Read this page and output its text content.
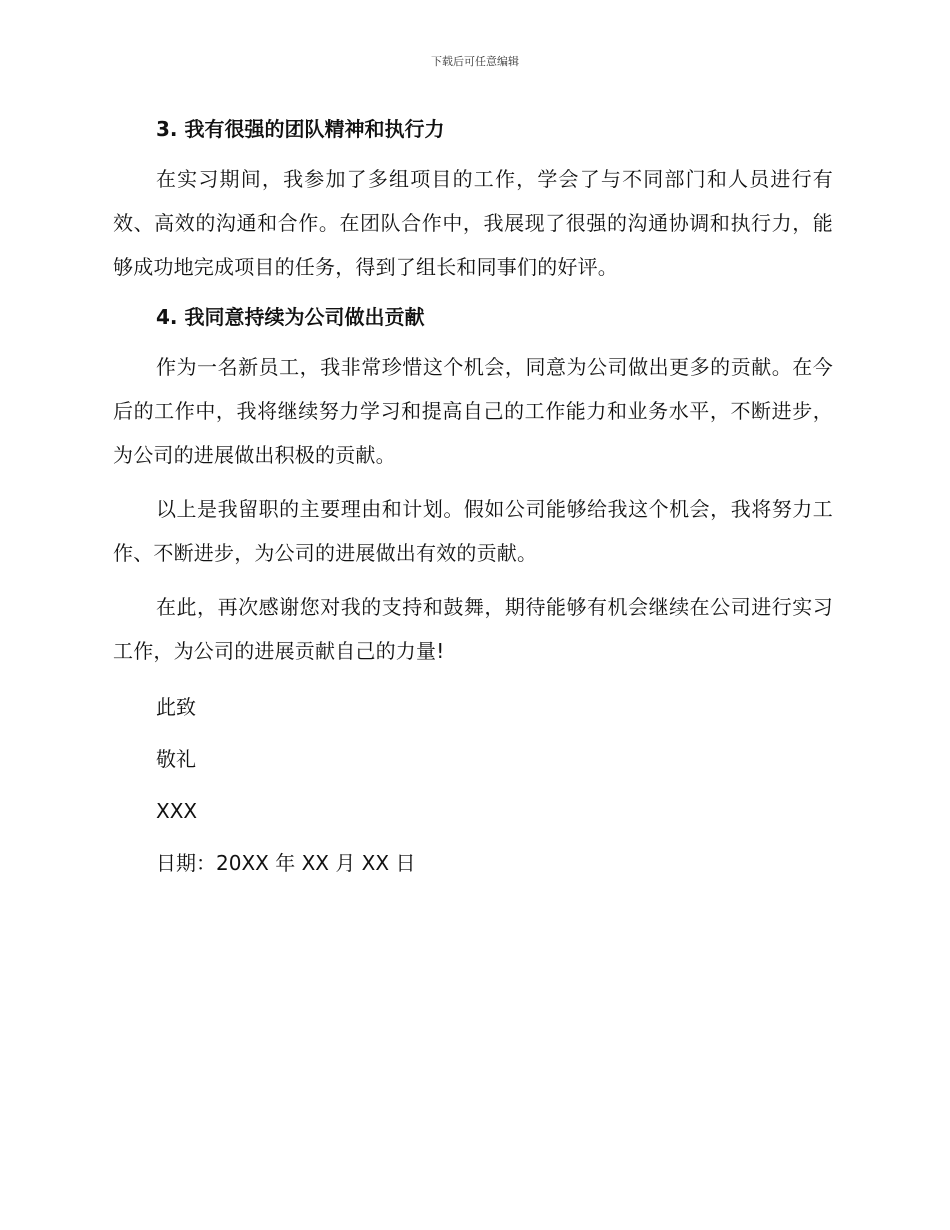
下载后可任意编辑
3. 我有很强的团队精神和执行力

在实习期间，我参加了多组项目的工作，学会了与不同部门和人员进行有效、高效的沟通和合作。在团队合作中，我展现了很强的沟通协调和执行力，能够成功地完成项目的任务，得到了组长和同事们的好评。

4. 我同意持续为公司做出贡献

作为一名新员工，我非常珍惜这个机会，同意为公司做出更多的贡献。在今后的工作中，我将继续努力学习和提高自己的工作能力和业务水平，不断进步，为公司的进展做出积极的贡献。

以上是我留职的主要理由和计划。假如公司能够给我这个机会，我将努力工作、不断进步，为公司的进展做出有效的贡献。

在此，再次感谢您对我的支持和鼓舞，期待能够有机会继续在公司进行实习工作，为公司的进展贡献自己的力量!

此致

敬礼

XXX

日期：20XX 年 XX 月 XX 日
